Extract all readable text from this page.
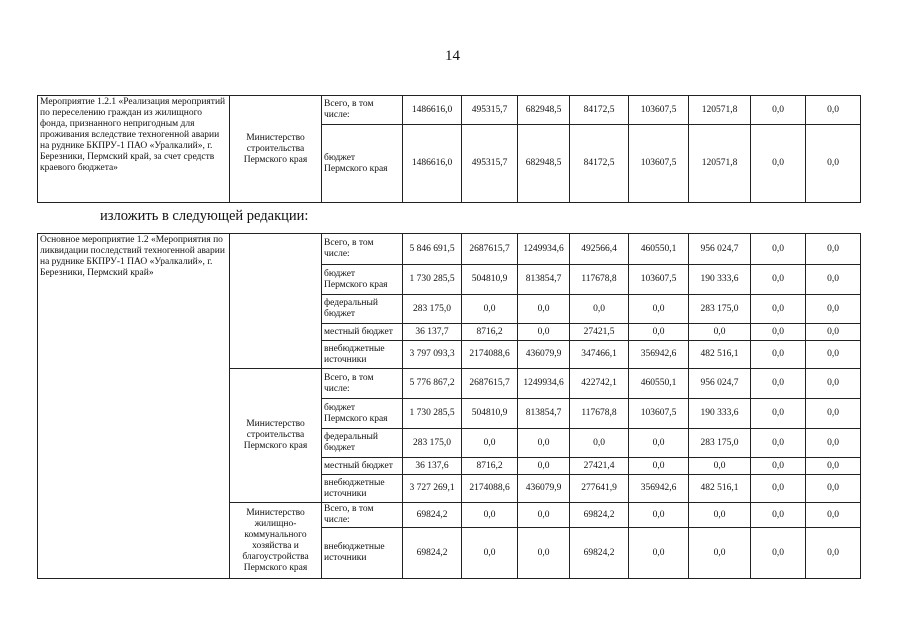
14
Мероприятие 1.2.1 «Реализация мероприятий по переселению граждан из жилищного фонда, признанного непригодным для проживания вследствие техногенной аварии на руднике БКПРУ-1 ПАО «Уралкалий», г. Березники, Пермский край, за счет средств краевого бюджета»	Министерство строительства Пермского края	Всего, в том числе:	1486616,0	495315,7	682948,5	84172,5	103607,5	120571,8	0,0	0,0
		бюджет Пермского края	1486616,0	495315,7	682948,5	84172,5	103607,5	120571,8	0,0	0,0
изложить в следующей редакции:
Основное мероприятие 1.2 «Мероприятия по ликвидации последствий техногенной аварии на руднике БКПРУ-1 ПАО «Уралкалий», г. Березники, Пермский край»		Всего, в том числе:	5 846 691,5	2687615,7	1249934,6	492566,4	460550,1	956 024,7	0,0	0,0
		бюджет Пермского края	1 730 285,5	504810,9	813854,7	117678,8	103607,5	190 333,6	0,0	0,0
		федеральный бюджет	283 175,0	0,0	0,0	0,0	0,0	283 175,0	0,0	0,0
		местный бюджет	36 137,7	8716,2	0,0	27421,5	0,0	0,0	0,0	0,0
		внебюджетные источники	3 797 093,3	2174088,6	436079,9	347466,1	356942,6	482 516,1	0,0	0,0
	Министерство строительства Пермского края	Всего, в том числе:	5 776 867,2	2687615,7	1249934,6	422742,1	460550,1	956 024,7	0,0	0,0
		бюджет Пермского края	1 730 285,5	504810,9	813854,7	117678,8	103607,5	190 333,6	0,0	0,0
		федеральный бюджет	283 175,0	0,0	0,0	0,0	0,0	283 175,0	0,0	0,0
		местный бюджет	36 137,6	8716,2	0,0	27421,4	0,0	0,0	0,0	0,0
		внебюджетные источники	3 727 269,1	2174088,6	436079,9	277641,9	356942,6	482 516,1	0,0	0,0
	Министерство жилищно-коммунального хозяйства и благоустройства Пермского края	Всего, в том числе:	69824,2	0,0	0,0	69824,2	0,0	0,0	0,0	0,0
		внебюджетные источники	69824,2	0,0	0,0	69824,2	0,0	0,0	0,0	0,0
